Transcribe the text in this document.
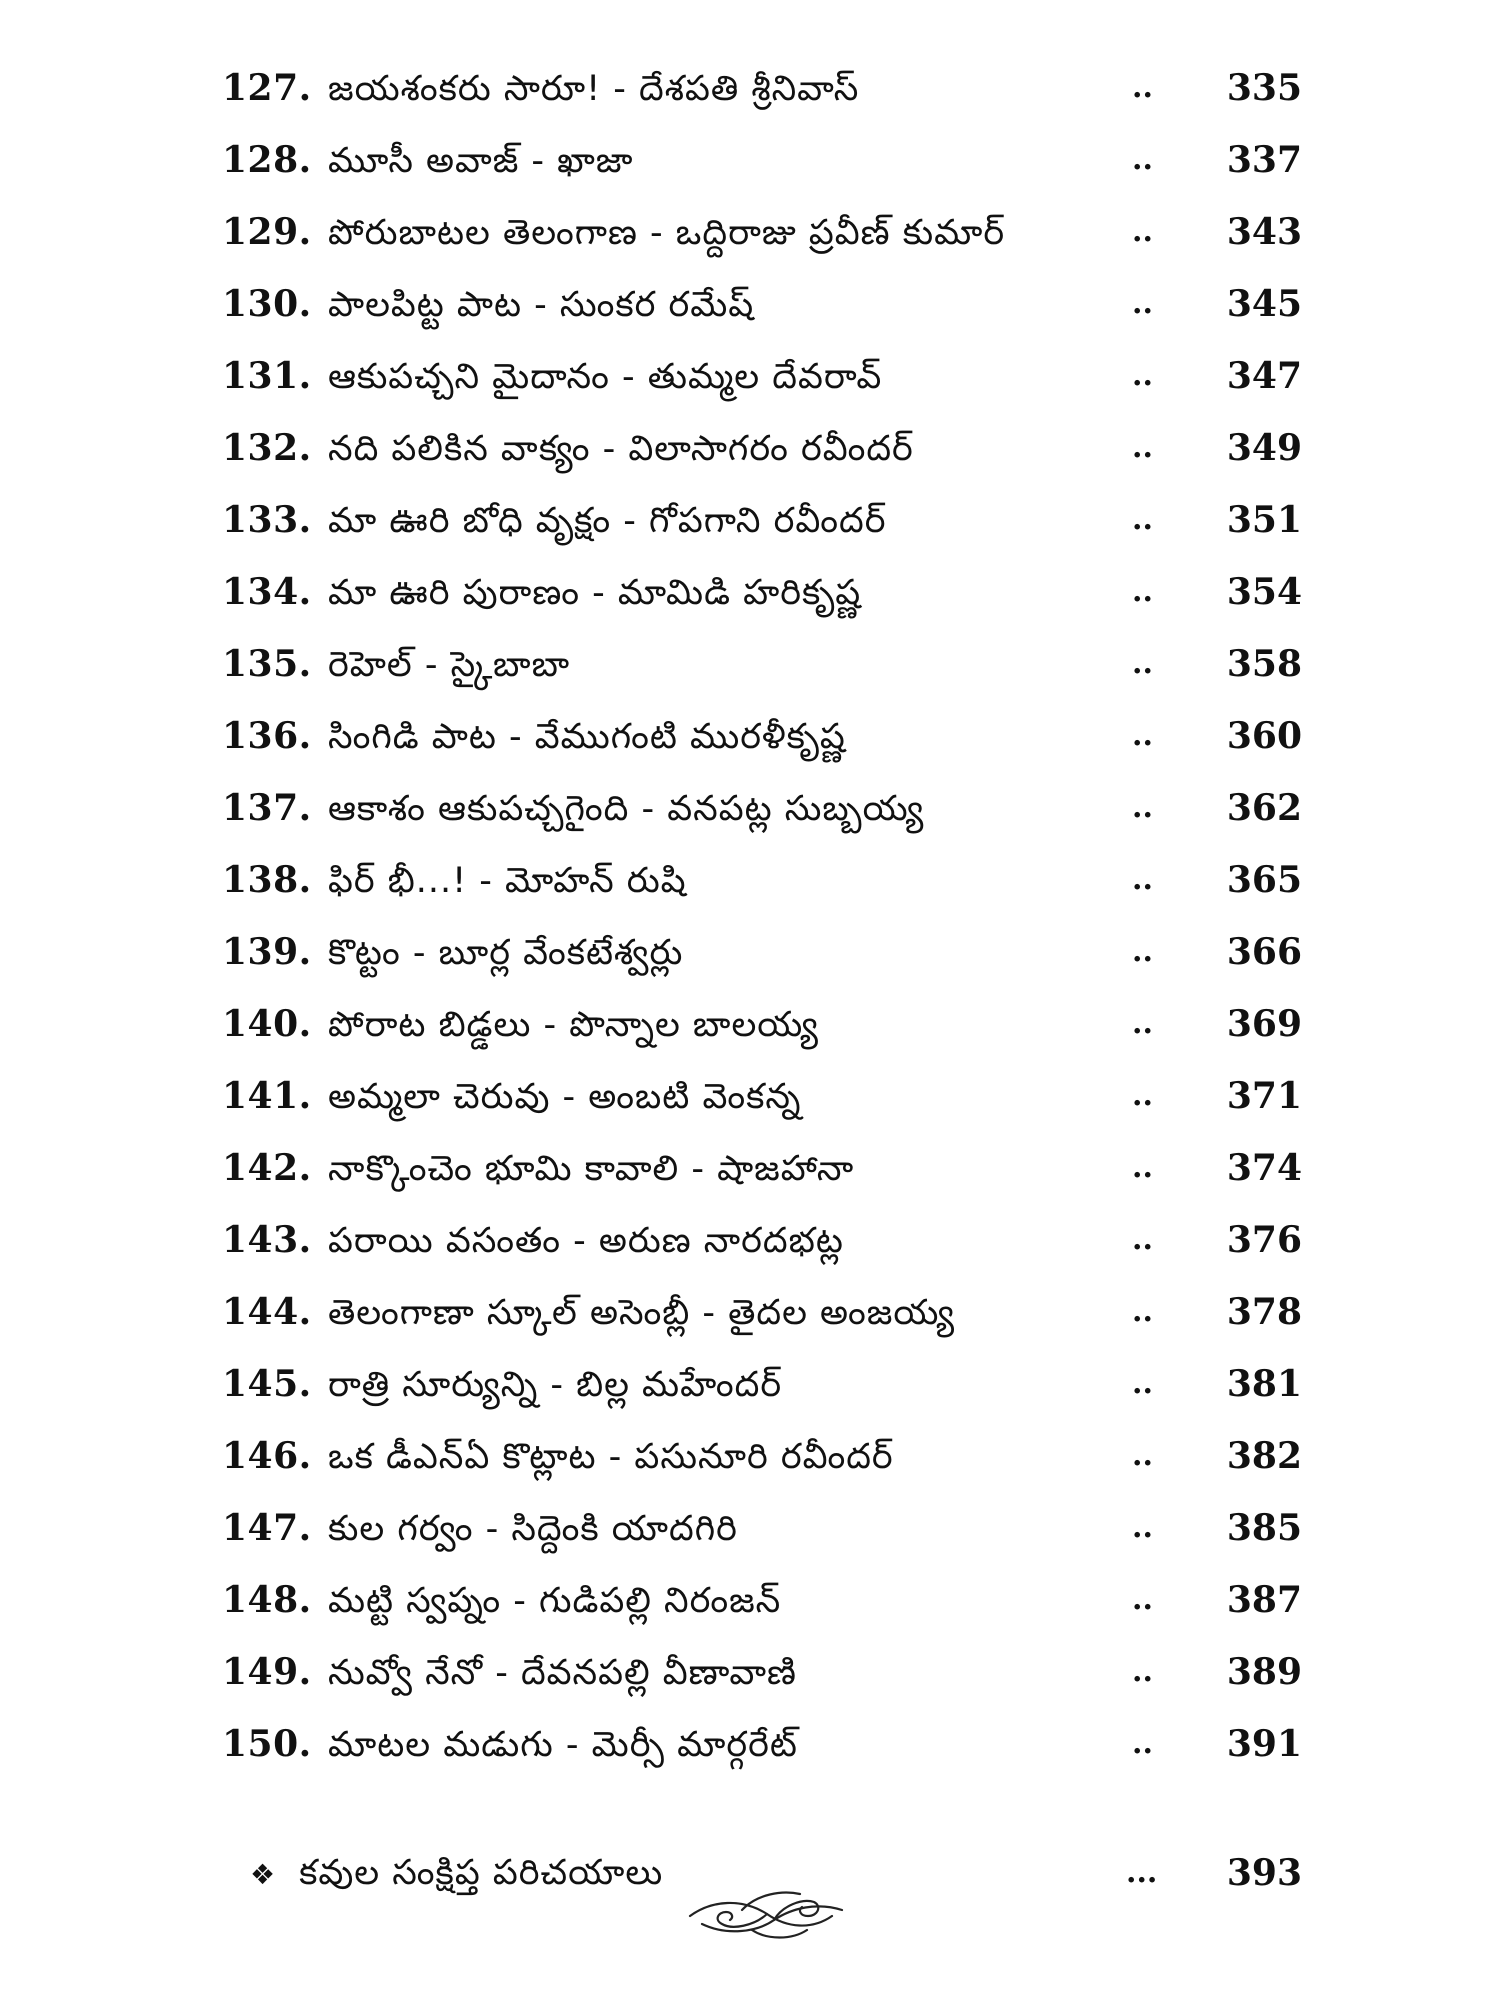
127. జయశంకరు సారూ! - దేశపతి శ్రీనివాస్	..	335
128. మూసీ అవాజ్ - ఖాజా	..	337
129. పోరుబాటల తెలంగాణ - ఒద్దిరాజు ప్రవీణ్ కుమార్	..	343
130. పాలపిట్ట పాట - సుంకర రమేష్	..	345
131. ఆకుపచ్చని మైదానం - తుమ్మల దేవరావ్	..	347
132. నది పలికిన వాక్యం - విలాసాగరం రవీందర్	..	349
133. మా ఊరి బోధి వృక్షం - గోపగాని రవీందర్	..	351
134. మా ఊరి పురాణం - మామిడి హరికృష్ణ	..	354
135. రెహెల్ - స్కైబాబా	..	358
136. సింగిడి పాట - వేముగంటి మురళీకృష్ణ	..	360
137. ఆకాశం ఆకుపచ్చగైంది - వనపట్ల సుబ్బయ్య	..	362
138. ఫిర్ భీ...! - మోహన్ రుషి	..	365
139. కొట్టం - బూర్ల వేంకటేశ్వర్లు	..	366
140. పోరాట బిడ్డలు - పొన్నాల బాలయ్య	..	369
141. అమ్మలా చెరువు - అంబటి వెంకన్న	..	371
142. నాక్కొంచెం భూమి కావాలి - షాజహానా	..	374
143. పరాయి వసంతం - అరుణ నారదభట్ల	..	376
144. తెలంగాణా స్కూల్ అసెంబ్లీ - తైదల అంజయ్య	..	378
145. రాత్రి సూర్యున్ని - బిల్ల మహేందర్	..	381
146. ఒక డీఎన్ఏ కొట్లాట - పసునూరి రవీందర్	..	382
147. కుల గర్వం - సిద్దెంకి యాదగిరి	..	385
148. మట్టి స్వప్నం - గుడిపల్లి నిరంజన్	..	387
149. నువ్వో నేనో - దేవనపల్లి వీణావాణి	..	389
150. మాటల మడుగు - మెర్సీ మార్గరేట్	..	391
❖ కవుల సంక్షిప్త పరిచయాలు	...	393
